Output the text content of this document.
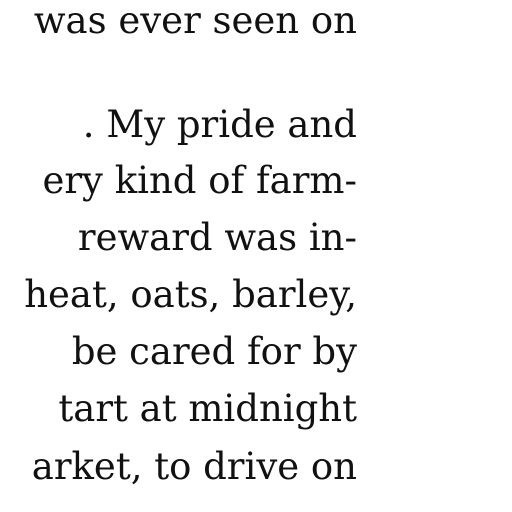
was ever seen on
. My pride and
ery kind of farm-
reward was in-
heat, oats, barley,
be cared for by
tart at midnight
arket, to drive on
